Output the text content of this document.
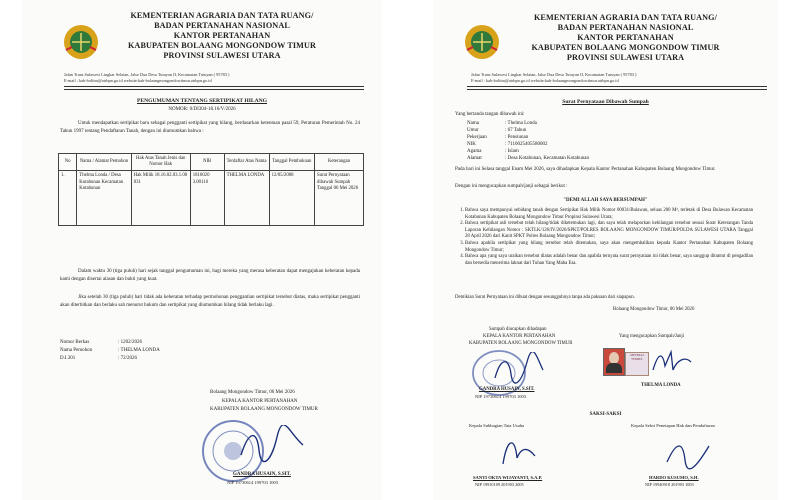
KEMENTERIAN AGRARIA DAN TATA RUANG/
BADAN PERTANAHAN NASIONAL
KANTOR PERTANAHAN
KABUPATEN BOLAANG MONGONDOW TIMUR
PROVINSI SULAWESI UTARA
Jalan Trans Sulawesi Lingkar Selatan, Jalur Dua Desa Tutuyan II, Kecamatan Tutuyan ( 95783 )
E-mail : kab-boltim@atrbpn.go.id website:kab-bolaangmongondowtimur.atrbpn.go.id
PENGUMUMAN TENTANG SERTIPIKAT HILANG
NOMOR: 0/DI304-18.16/V/2026
Untuk mendapatkan sertipikat baru sebagai pengganti sertipikat yang hilang, berdasarkan ketentuan pasal 59, Peraturan Pemerintah No. 24 Tahun 1997 tentang Pendaftaran Tanah, dengan ini diumumkan bahwa :
No	Nama / Alamat Pemohon	Hak Atas Tanah Jenis dan Nomor Hak	NIB	Terdaftar Atas Nama	Tanggal Pembukuan	Keterangan
1.	Thelma Londa / Desa Kotabunan Kecamatan Kotabunan	Hak Milik 18.16.02.03.1.00 031	1816020 3.00116	THELMA LONDA	12/05/2008	Surat Pernyataan dibawah Sumpah Tanggal 06 Mei 2026
Dalam waktu 30 (tiga puluh) hari sejak tanggal pengumuman ini, bagi mereka yang merasa keberatan dapat mengajukan keberatan kepada kami dengan disertai alasan dan bukti yang kuat.
Jika setelah 30 (tiga puluh) hari tidak ada keberatan terhadap permohonan penggantian sertipikat tersebut diatas, maka sertipikat pengganti akan diterbitkan dan berlaku sah menurut hukum dan sertipikat yang diumumkan hilang tidak berlaku lagi.
Nomor Berkas	: 1202/2026
Nama Pemohon	: THELMA LONDA
D.I.301	: 72/2026
Bolaang Mongondow Timur, 06 Mei 2026
KEPALA KANTOR PERTANAHAN
KABUPATEN BOLAANG MONGONDOW TIMUR
GANDRA HUSAIN, S.SIT.
NIP 19730614 199703 1003
KEMENTERIAN AGRARIA DAN TATA RUANG/
BADAN PERTANAHAN NASIONAL
KANTOR PERTANAHAN
KABUPATEN BOLAANG MONGONDOW TIMUR
PROVINSI SULAWESI UTARA
Jalan Trans Sulawesi Lingkar Selatan, Jalur Dua Desa Tutuyan II, Kecamatan Tutuyan ( 95783 )
E-mail : kab-boltim@atrbpn.go.id website:kab-bolaangmongondowtimur.atrbpn.go.id
Surat Pernyataan Dibawah Sumpah
Yang bertanda tangan dibawah ini:
Nama	: Thelma Londa
Umur	: 67 Tahun
Pekerjaan	: Pensiunan
NIK	: 7110025405580002
Agama	: Islam
Alamat	: Desa Kotabunan, Kecamatan Kotabunan
Pada hari ini Selasa tanggal Enam Mei 2026, saya dihadapkan Kepala Kantor Pertanahan Kabupaten Bolaang Mongondow Timur.
Dengan ini mengucapkan sumpah/janji sebagai berikut :
"DEMI ALLAH SAYA BERSUMPAH"
1. Bahwa saya mempunyai sebidang tanah dengan Sertipikat Hak Milik Nomor 00031/Bulawan, seluas 200 M², terletak di Desa Bulawan Kecamatan Kotabunan Kabupaten Bolaang Mongondow Timur Propinsi Sulawesi Utara;
2. Bahwa sertipikat asli tersebut telah hilang/tidak diketemukan lagi, dan saya telah melaporkan kehilangan tersebut sesuai Surat Keterangan Tanda Laporan Kehilangan Nomor : SKTLK/126/IV/2026/SPKT/POLRES BOLAANG MONGONDOW TIMUR/POLDA SULAWESI UTARA Tanggal 28 April 2026 dari Kanit SPKT Polres Bolaang Mongondow Timur;
3. Bahwa apabila sertipikat yang hilang tersebut telah ditemukan, saya akan mengembalikan kepada Kantor Pertanahan Kabupaten Bolaang Mongondow Timur;
4. Bahwa apa yang saya uraikan tersebut diatas adalah benar dan apabila ternyata surat pernyataan ini tidak benar, saya sanggup dituntut di pengadilan dan bersedia menerima laknat dari Tuhan Yang Maha Esa.
Demikian Surat Pernyataan ini dibuat dengan sesungguhnya tanpa ada paksaan dari siapapun.
Bolaang Mongondow Timur, 06 Mei 2026
Sumpah diucapkan dihadapan
KEPALA KANTOR PERTANAHAN
KABUPATEN BOLAANG MONGONDOW TIMUR
Yang mengucapkan Sumpah/Janji
METERAI TEMPEL
GANDRA HUSAIN, S.SIT.
NIP 19730614 199703 1003
THELMA LONDA
SAKSI-SAKSI
Kepala Subbagian Tata Usaha	Kepala Seksi Penetapan Hak dan Pendaftaran
SANTI OKTA WIJAYANTI, S.A.P.
NIP 19910109 201903 2005
HARDO KUSUMO, S.H.
NIP 19940918 201903 1003
